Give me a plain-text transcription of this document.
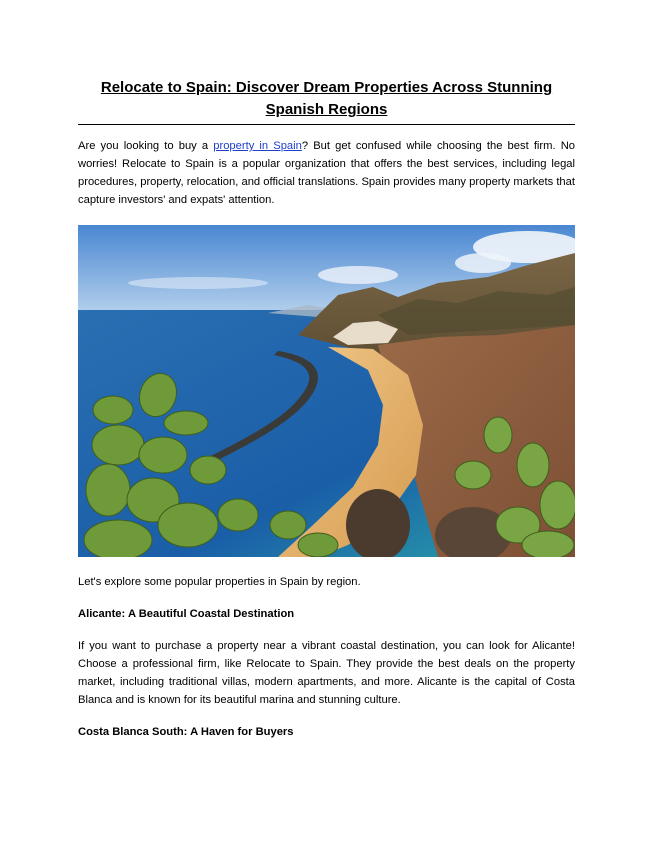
Relocate to Spain: Discover Dream Properties Across Stunning Spanish Regions

Are you looking to buy a property in Spain? But get confused while choosing the best firm. No worries! Relocate to Spain is a popular organization that offers the best services, including legal procedures, property, relocation, and official translations. Spain provides many property markets that capture investors' and expats' attention.

Let's explore some popular properties in Spain by region.

Alicante: A Beautiful Coastal Destination

If you want to purchase a property near a vibrant coastal destination, you can look for Alicante! Choose a professional firm, like Relocate to Spain. They provide the best deals on the property market, including traditional villas, modern apartments, and more. Alicante is the capital of Costa Blanca and is known for its beautiful marina and stunning culture.

Costa Blanca South: A Haven for Buyers
